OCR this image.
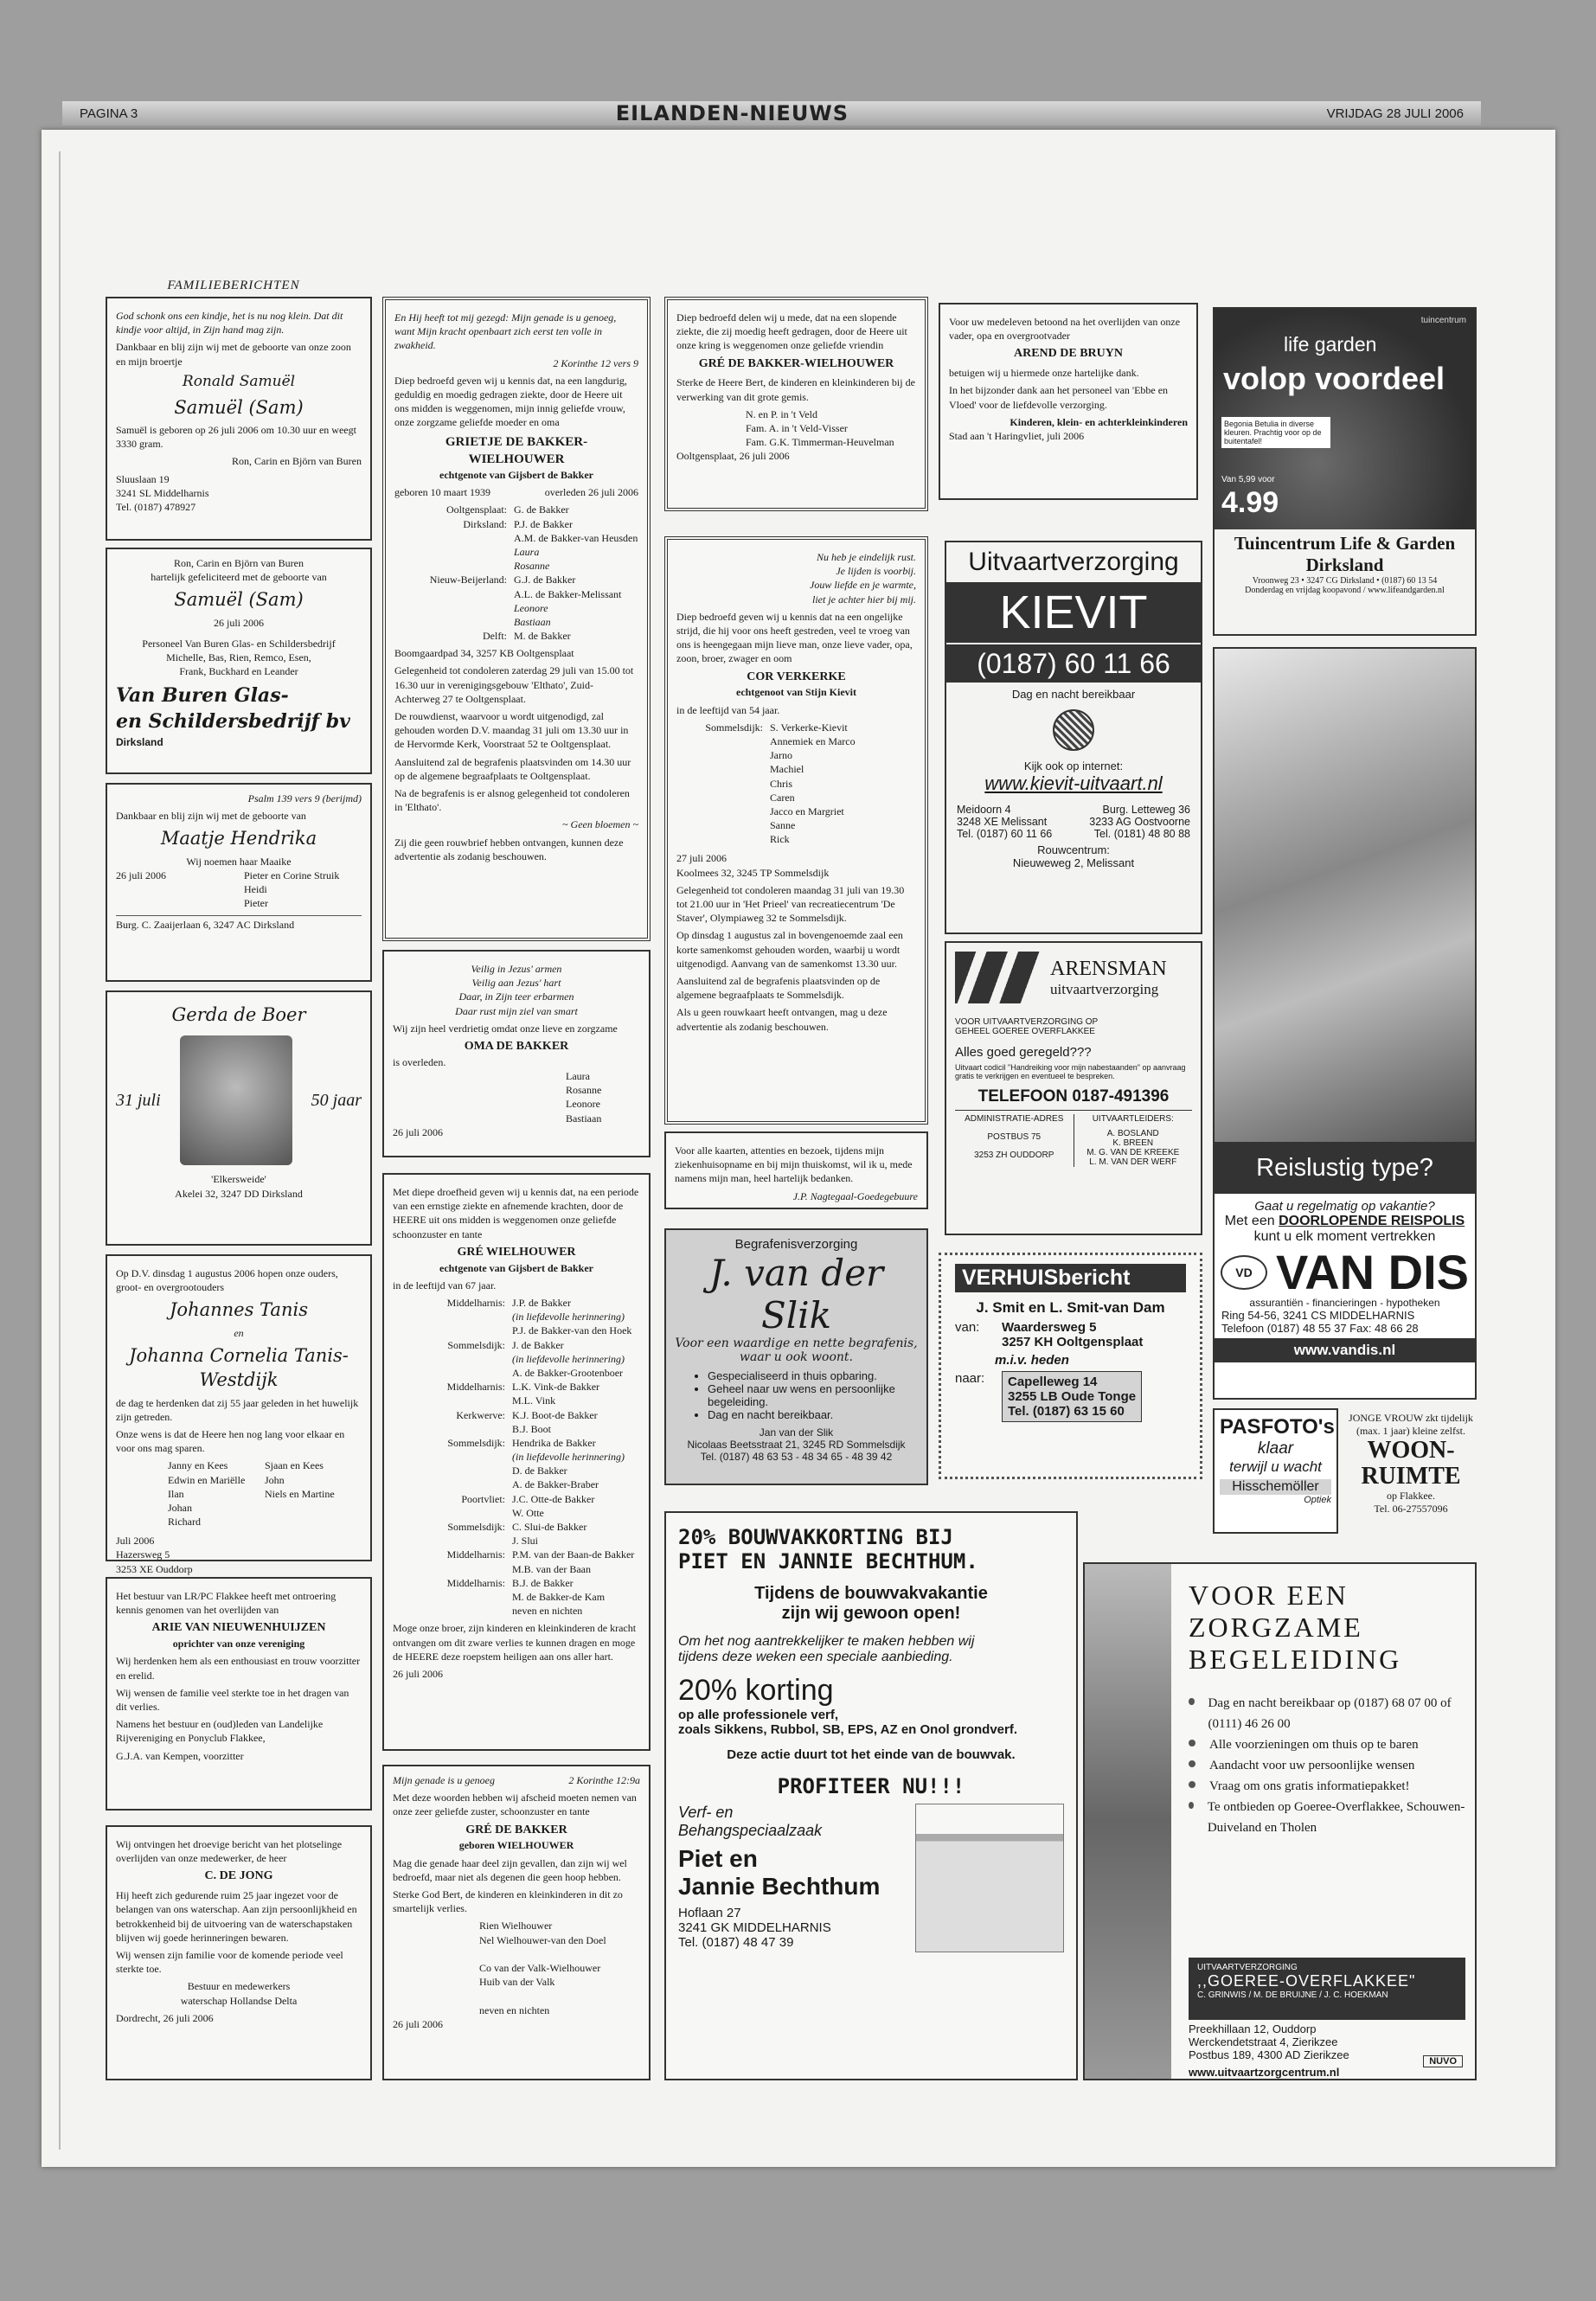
PAGINA 3	EILANDEN-NIEUWS	VRIJDAG 28 JULI 2006
FAMILIEBERICHTEN

God schonk ons een kindje, het is nu nog klein. Dat dit kindje voor altijd, in Zijn hand mag zijn.

Dankbaar en blij zijn wij met de geboorte van onze zoon en mijn broertje

Ronald Samuël
Samuël (Sam)

Samuël is geboren op 26 juli 2006 om 10.30 uur en weegt 3330 gram.

Ron, Carin en Björn van Buren

Sluuslaan 19
3241 SL Middelharnis
Tel. (0187) 478927
Ron, Carin en Björn van Buren
hartelijk gefeliciteerd met de geboorte van
Samuël (Sam)
26 juli 2006
Personeel Van Buren Glas- en Schildersbedrijf
Michelle, Bas, Rien, Remco, Esen,
Frank, Buckhard en Leander
Van Buren Glas-
en Schildersbedrijf bv
Dirksland
Psalm 139 vers 9 (berijmd)

Dankbaar en blij zijn wij met de geboorte van

Maatje Hendrika
Wij noemen haar Maaike
26 juli 2006	Pieter en Corine Struik
Heidi
Pieter
Burg. C. Zaaijerlaan 6, 3247 AC Dirksland
Gerda de Boer
31 juli	50 jaar
'Elkersweide'
Akelei 32, 3247 DD Dirksland

Op D.V. dinsdag 1 augustus 2006 hopen onze ouders, groot- en overgrootouders

Johannes Tanis
en
Johanna Cornelia Tanis-Westdijk

de dag te herdenken dat zij 55 jaar geleden in het huwelijk zijn getreden.

Onze wens is dat de Heere hen nog lang voor elkaar en voor ons mag sparen.

Janny en Kees	Sjaan en Kees
Edwin en Mariëlle	John
Ilan	Niels en Martine
Johan
Richard
Juli 2006
Hazersweg 5
3253 XE Ouddorp

Het bestuur van LR/PC Flakkee heeft met ontroering kennis genomen van het overlijden van

ARIE VAN NIEUWENHUIJZEN
oprichter van onze vereniging

Wij herdenken hem als een enthousiast en trouw voorzitter en erelid.

Wij wensen de familie veel sterkte toe in het dragen van dit verlies.

Namens het bestuur en (oud)leden van Landelijke Rijvereniging en Ponyclub Flakkee,

G.J.A. van Kempen, voorzitter

Wij ontvingen het droevige bericht van het plotselinge overlijden van onze medewerker, de heer

C. DE JONG

Hij heeft zich gedurende ruim 25 jaar ingezet voor de belangen van ons waterschap. Aan zijn persoonlijkheid en betrokkenheid bij de uitvoering van de waterschapstaken blijven wij goede herinneringen bewaren.

Wij wensen zijn familie voor de komende periode veel sterkte toe.

Bestuur en medewerkers
waterschap Hollandse Delta

Dordrecht, 26 juli 2006

En Hij heeft tot mij gezegd: Mijn genade is u genoeg, want Mijn kracht openbaart zich eerst ten volle in zwakheid.

2 Korinthe 12 vers 9

Diep bedroefd geven wij u kennis dat, na een langdurig, geduldig en moedig gedragen ziekte, door de Heere uit ons midden is weggenomen, mijn innig geliefde vrouw, onze zorgzame geliefde moeder en oma

GRIETJE DE BAKKER-
WIELHOUWER
echtgenote van Gijsbert de Bakker
geboren 10 maart 1939	overleden 26 juli 2006
Ooltgensplaat: G. de Bakker
Dirksland: P.J. de Bakker
A.M. de Bakker-van Heusden
Laura
Rosanne
Nieuw-Beijerland: G.J. de Bakker
A.L. de Bakker-Melissant
Leonore
Bastiaan
Delft: M. de Bakker

Boomgaardpad 34, 3257 KB Ooltgensplaat

Gelegenheid tot condoleren zaterdag 29 juli van 15.00 tot 16.30 uur in verenigingsgebouw 'Elthato', Zuid-Achterweg 27 te Ooltgensplaat.

De rouwdienst, waarvoor u wordt uitgenodigd, zal gehouden worden D.V. maandag 31 juli om 13.30 uur in de Hervormde Kerk, Voorstraat 52 te Ooltgensplaat.

Aansluitend zal de begrafenis plaatsvinden om 14.30 uur op de algemene begraafplaats te Ooltgensplaat.

Na de begrafenis is er alsnog gelegenheid tot condoleren in 'Elthato'.

~ Geen bloemen ~

Zij die geen rouwbrief hebben ontvangen, kunnen deze advertentie als zodanig beschouwen.

Veilig in Jezus' armen
Veilig aan Jezus' hart
Daar, in Zijn teer erbarmen
Daar rust mijn ziel van smart

Wij zijn heel verdrietig omdat onze lieve en zorgzame

OMA DE BAKKER
is overleden.
Laura
Rosanne
Leonore
Bastiaan
26 juli 2006

Met diepe droefheid geven wij u kennis dat, na een periode van een ernstige ziekte en afnemende krachten, door de HEERE uit ons midden is weggenomen onze geliefde schoonzuster en tante

GRÉ WIELHOUWER
echtgenote van Gijsbert de Bakker

in de leeftijd van 67 jaar.

Middelharnis: J.P. de Bakker
(in liefdevolle herinnering)
P.J. de Bakker-van den Hoek
Sommelsdijk: J. de Bakker
(in liefdevolle herinnering)
A. de Bakker-Grootenboer
Middelharnis: L.K. Vink-de Bakker
M.L. Vink
Kerkwerve: K.J. Boot-de Bakker
B.J. Boot
Sommelsdijk: Hendrika de Bakker
(in liefdevolle herinnering)
D. de Bakker
A. de Bakker-Braber
Poortvliet: J.C. Otte-de Bakker
W. Otte
Sommelsdijk: C. Slui-de Bakker
J. Slui
Middelharnis: P.M. van der Baan-de Bakker
M.B. van der Baan
Middelharnis: B.J. de Bakker
M. de Bakker-de Kam
neven en nichten

Moge onze broer, zijn kinderen en kleinkinderen de kracht ontvangen om dit zware verlies te kunnen dragen en moge de HEERE deze roepstem heiligen aan ons aller hart.

26 juli 2006

Mijn genade is u genoeg	2 Korinthe 12:9a

Met deze woorden hebben wij afscheid moeten nemen van onze zeer geliefde zuster, schoonzuster en tante

GRÉ DE BAKKER
geboren WIELHOUWER

Mag die genade haar deel zijn gevallen, dan zijn wij wel bedroefd, maar niet als degenen die geen hoop hebben.

Sterke God Bert, de kinderen en kleinkinderen in dit zo smartelijk verlies.

Rien Wielhouwer
Nel Wielhouwer-van den Doel

Co van der Valk-Wielhouwer
Huib van der Valk

neven en nichten
26 juli 2006

Diep bedroefd delen wij u mede, dat na een slopende ziekte, die zij moedig heeft gedragen, door de Heere uit onze kring is weggenomen onze geliefde vriendin

GRÉ DE BAKKER-WIELHOUWER

Sterke de Heere Bert, de kinderen en kleinkinderen bij de verwerking van dit grote gemis.

N. en P. in 't Veld
Fam. A. in 't Veld-Visser
Fam. G.K. Timmerman-Heuvelman
Ooltgensplaat, 26 juli 2006

Nu heb je eindelijk rust.
Je lijden is voorbij.
Jouw liefde en je warmte,
liet je achter hier bij mij.

Diep bedroefd geven wij u kennis dat na een ongelijke strijd, die hij voor ons heeft gestreden, veel te vroeg van ons is heengegaan mijn lieve man, onze lieve vader, opa, zoon, broer, zwager en oom

COR VERKERKE
echtgenoot van Stijn Kievit

in de leeftijd van 54 jaar.

Sommelsdijk: S. Verkerke-Kievit
Annemiek en Marco
Jarno
Machiel
Chris
Caren
Jacco en Margriet
Sanne
Rick
27 juli 2006
Koolmees 32, 3245 TP Sommelsdijk

Gelegenheid tot condoleren maandag 31 juli van 19.30 tot 21.00 uur in 'Het Prieel' van recreatiecentrum 'De Staver', Olympiaweg 32 te Sommelsdijk.

Op dinsdag 1 augustus zal in bovengenoemde zaal een korte samenkomst gehouden worden, waarbij u wordt uitgenodigd. Aanvang van de samenkomst 13.30 uur.

Aansluitend zal de begrafenis plaatsvinden op de algemene begraafplaats te Sommelsdijk.

Als u geen rouwkaart heeft ontvangen, mag u deze advertentie als zodanig beschouwen.

Voor alle kaarten, attenties en bezoek, tijdens mijn ziekenhuisopname en bij mijn thuiskomst, wil ik u, mede namens mijn man, heel hartelijk bedanken.

J.P. Nagtegaal-Goedegebuure

Begrafenisverzorging
J. van der Slik
Voor een waardige en nette begrafenis,
waar u ook woont.
• Gespecialiseerd in thuis opbaring.
• Geheel naar uw wens en persoonlijke begeleiding.
• Dag en nacht bereikbaar.
Jan van der Slik
Nicolaas Beetsstraat 21, 3245 RD Sommelsdijk
Tel. (0187) 48 63 53 - 48 34 65 - 48 39 42

Voor uw medeleven betoond na het overlijden van onze vader, opa en overgrootvader

AREND DE BRUYN

betuigen wij u hiermede onze hartelijke dank.

In het bijzonder dank aan het personeel van 'Ebbe en Vloed' voor de liefdevolle verzorging.

Kinderen, klein- en achterkleinkinderen
Stad aan 't Haringvliet, juli 2006
Uitvaartverzorging
KIEVIT
(0187) 60 11 66
Dag en nacht bereikbaar
Kijk ook op internet:
www.kievit-uitvaart.nl
Meidoorn 4
3248 XE Melissant
Tel. (0187) 60 11 66
Burg. Letteweg 36
3233 AG Oostvoorne
Tel. (0181) 48 80 88
Rouwcentrum:
Nieuweweg 2, Melissant
ARENSMAN
uitvaartverzorging
VOOR UITVAARTVERZORGING OP GEHEEL GOEREE OVERFLAKKEE
Alles goed geregeld???
Uitvaart codicil "Handreiking voor mijn nabestaanden" op aanvraag gratis te verkrijgen en eventueel te bespreken.
TELEFOON 0187-491396
ADMINISTRATIE-ADRES
POSTBUS 75
3253 ZH OUDDORP
UITVAARTLEIDERS:
A. BOSLAND
K. BREEN
M. G. VAN DE KREEKE
L. M. VAN DER WERF
VERHUISbericht
J. Smit en L. Smit-van Dam
van:	Waardersweg 5
3257 KH Ooltgensplaat
m.i.v. heden
naar:	Capelleweg 14
3255 LB Oude Tonge
Tel. (0187) 63 15 60
tuincentrum
life garden
volop voordeel
Begonia Betulia in diverse kleuren. Prachtig voor op de buitentafel!
Van 5,99 voor
4.99
Tuincentrum Life & Garden Dirksland
Vroonweg 23 • 3247 CG Dirksland • (0187) 60 13 54
Donderdag en vrijdag koopavond / www.lifeandgarden.nl
Reislustig type?
Gaat u regelmatig op vakantie?
Met een DOORLOPENDE REISPOLIS
kunt u elk moment vertrekken
VD VAN DIS
assurantiën - financieringen - hypotheken
Ring 54-56, 3241 CS MIDDELHARNIS
Telefoon (0187) 48 55 37 Fax: 48 66 28
www.vandis.nl
PASFOTO's
klaar
terwijl u wacht
Hisschemöller
Optiek
JONGE VROUW zkt tijdelijk (max. 1 jaar) kleine zelfst.
WOON-
RUIMTE
op Flakkee.
Tel. 06-27557096
20% BOUWVAKKORTING BIJ
PIET EN JANNIE BECHTHUM.
Tijdens de bouwvakvakantie
zijn wij gewoon open!
Om het nog aantrekkelijker te maken hebben wij
tijdens deze weken een speciale aanbieding.
20% korting
op alle professionele verf,
zoals Sikkens, Rubbol, SB, EPS, AZ en Onol grondverf.
Deze actie duurt tot het einde van de bouwvak.
PROFITEER NU!!!
Verf- en
Behangspeciaalzaak
Piet en
Jannie Bechthum
Hoflaan 27
3241 GK MIDDELHARNIS
Tel. (0187) 48 47 39
VOOR EEN
ZORGZAME
BEGELEIDING
Dag en nacht bereikbaar op (0187) 68 07 00 of (0111) 46 26 00
Alle voorzieningen om thuis op te baren
Aandacht voor uw persoonlijke wensen
Vraag om ons gratis informatiepakket!
Te ontbieden op Goeree-Overflakkee, Schouwen-Duiveland en Tholen
UITVAARTVERZORGING
,,GOEREE-OVERFLAKKEE"
C. GRINWIS / M. DE BRUIJNE / J. C. HOEKMAN
Preekhillaan 12, Ouddorp
Werckendetstraat 4, Zierikzee
Postbus 189, 4300 AD Zierikzee
www.uitvaartzorgcentrum.nl
NUVO
